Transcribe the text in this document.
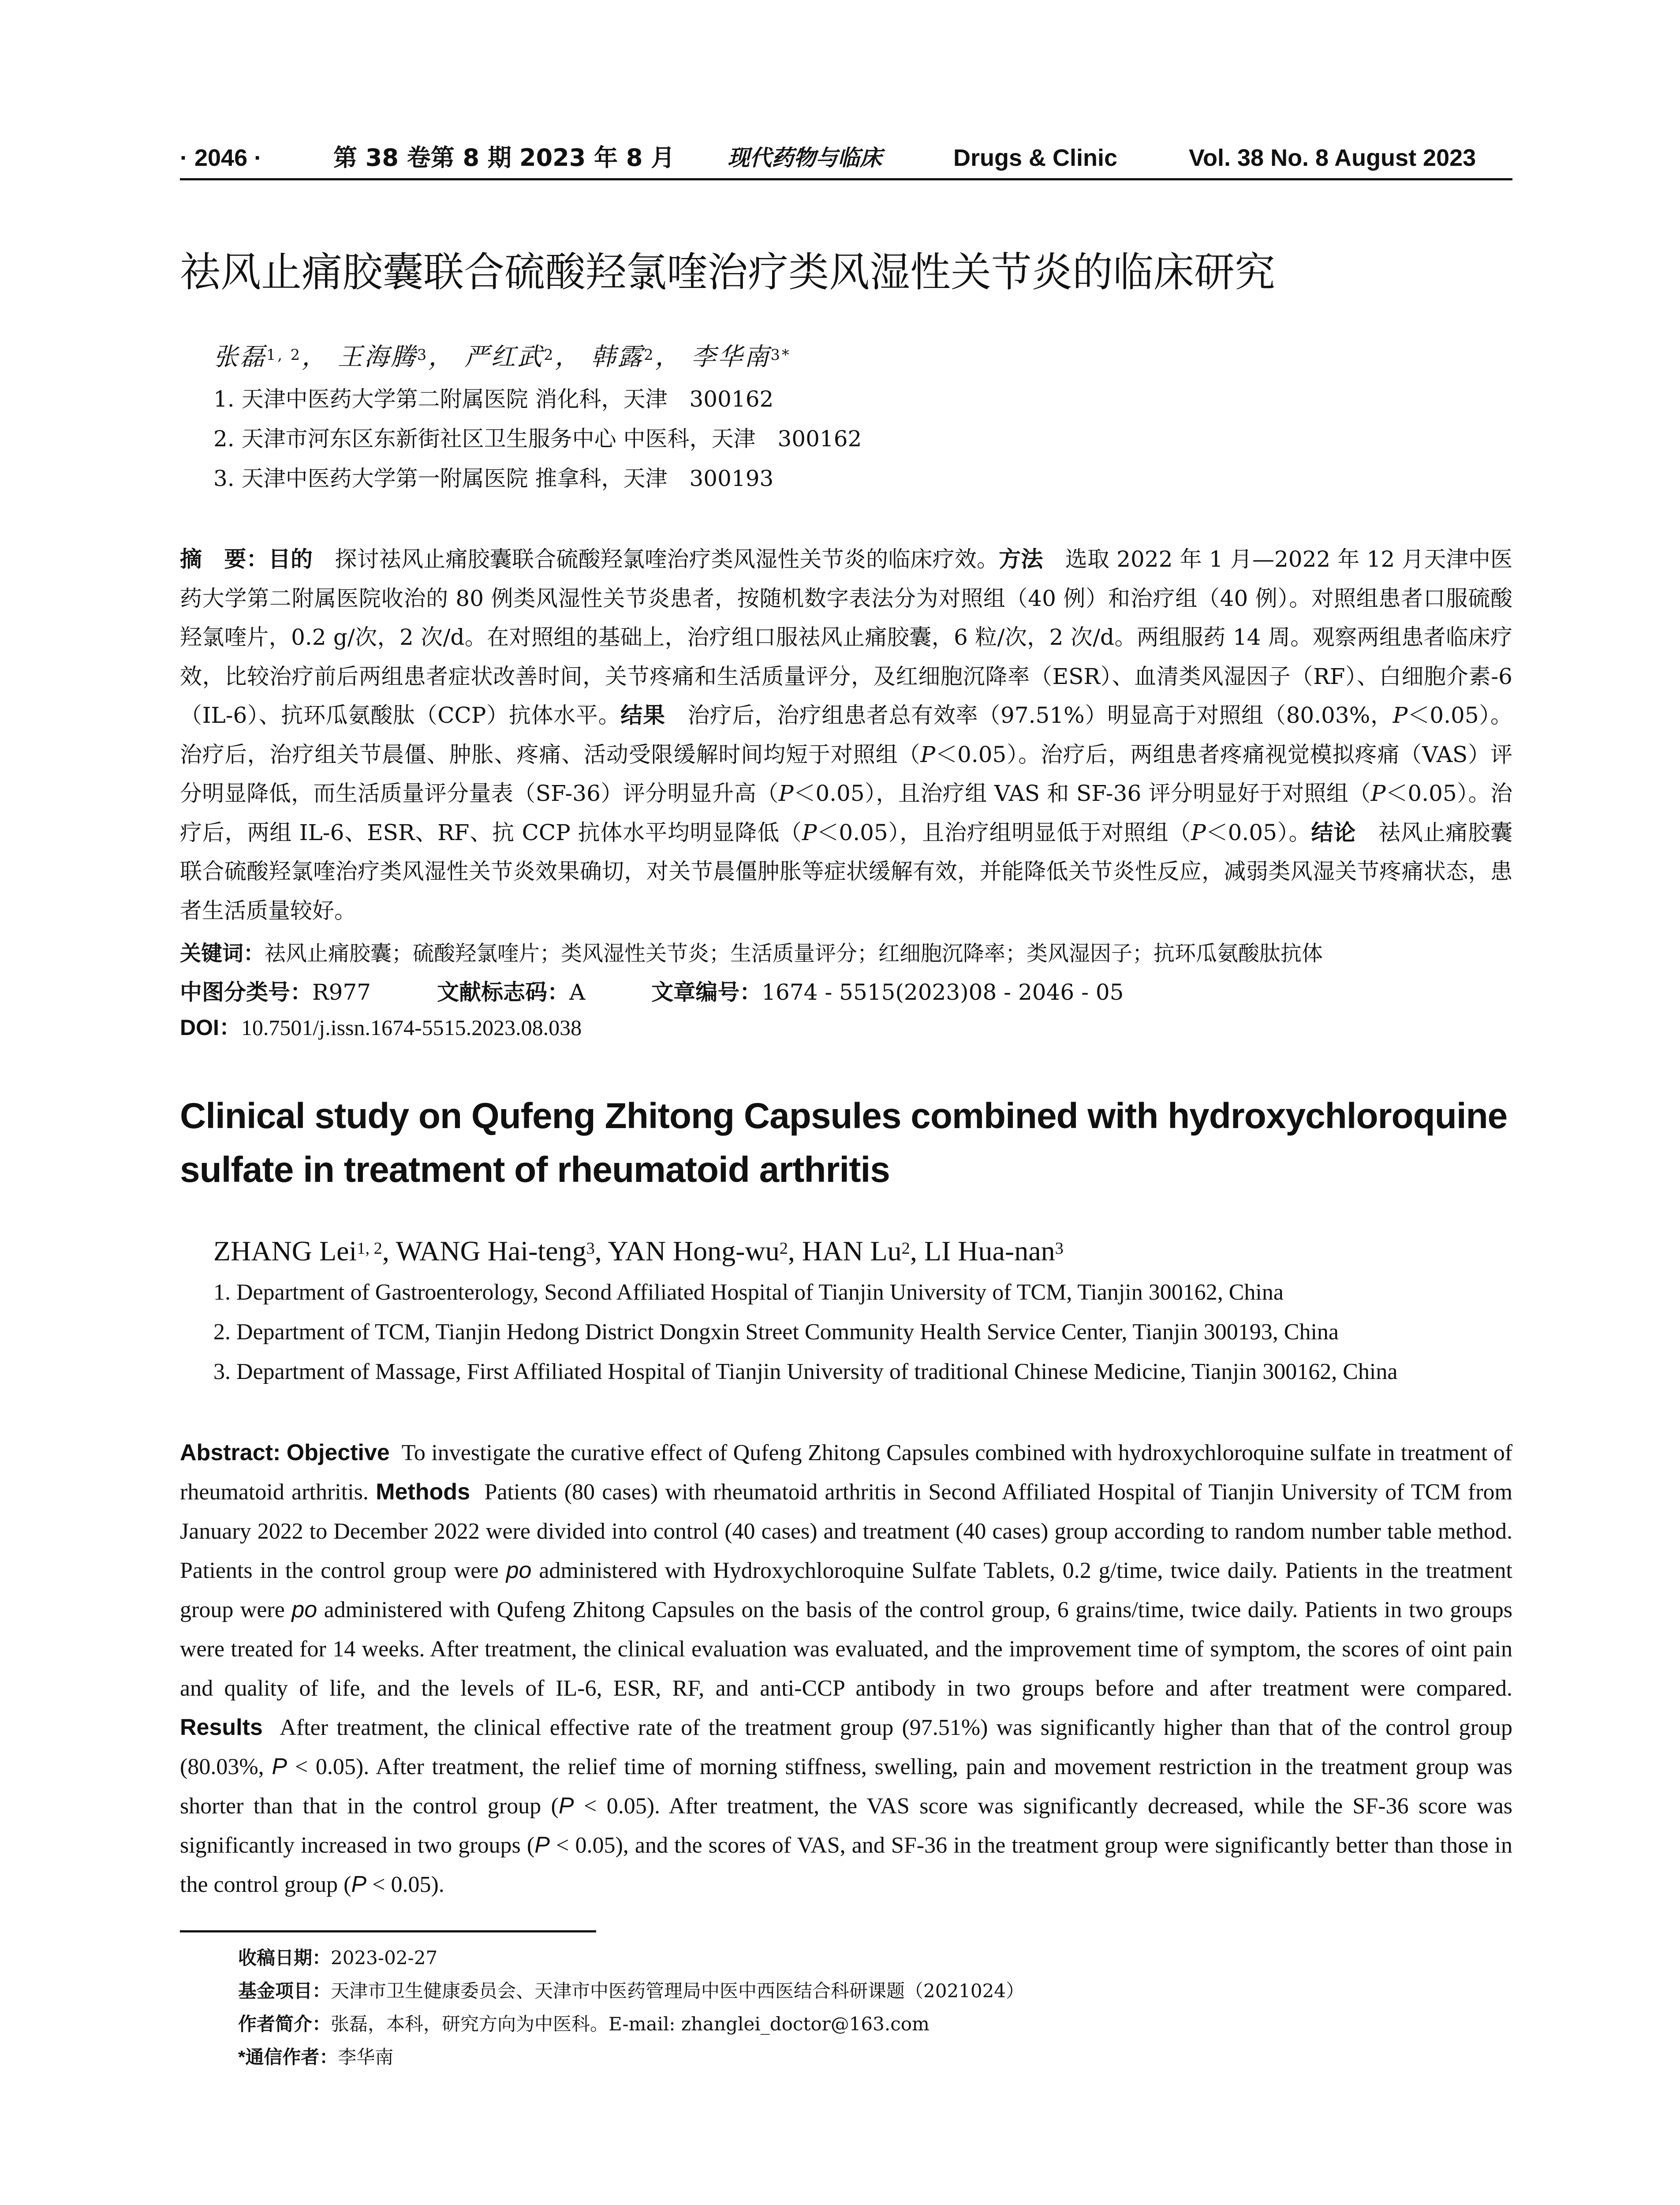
· 2046 ·	第 38 卷第 8 期 2023 年 8 月 现代药物与临床	Drugs & Clinic	Vol. 38 No. 8 August 2023
祛风止痛胶囊联合硫酸羟氯喹治疗类风湿性关节炎的临床研究
张磊$^{1, 2}$， 王海腾$^3$， 严红武$^2$， 韩露$^2$， 李华南$^{3*}$
1. 天津中医药大学第二附属医院 消化科，天津　300162
2. 天津市河东区东新街社区卫生服务中心 中医科，天津　300162
3. 天津中医药大学第一附属医院 推拿科，天津　300193

摘　要：目的　 探讨祛风止痛胶囊联合硫酸羟氯喹治疗类风湿性关节炎的临床疗效。方法　 选取 2022 年 1 月—2022 年 12 月天津中医药大学第二附属医院收治的 80 例类风湿性关节炎患者，按随机数字表法分为对照组（40 例）和治疗组（40 例）。对照组患者口服硫酸羟氯喹片，0.2 g/次，2 次/d。在对照组的基础上，治疗组口服祛风止痛胶囊，6 粒/次，2 次/d。两组服药 14 周。观察两组患者临床疗效，比较治疗前后两组患者症状改善时间，关节疼痛和生活质量评分，及红细胞沉降率（ESR）、血清类风湿因子（RF）、白细胞介素-6（IL-6）、抗环瓜氨酸肽（CCP）抗体水平。结果　 治疗后，治疗组患者总有效率（97.51%）明显高于对照组（80.03%，P＜0.05）。治疗后，治疗组关节晨僵、肿胀、疼痛、活动受限缓解时间均短于对照组（P＜0.05）。治疗后，两组患者疼痛视觉模拟疼痛（VAS）评分明显降低，而生活质量评分量表（SF-36）评分明显升高（P＜0.05），且治疗组 VAS 和 SF-36 评分明显好于对照组（P＜0.05）。治疗后，两组 IL-6、ESR、RF、抗 CCP 抗体水平均明显降低（P＜0.05），且治疗组明显低于对照组（P＜0.05）。结论　 祛风止痛胶囊联合硫酸羟氯喹治疗类风湿性关节炎效果确切，对关节晨僵肿胀等症状缓解有效，并能降低关节炎性反应，减弱类风湿关节疼痛状态，患者生活质量较好。

关键词：祛风止痛胶囊；硫酸羟氯喹片；类风湿性关节炎；生活质量评分；红细胞沉降率；类风湿因子；抗环瓜氨酸肽抗体
中图分类号：R977	文献标志码：A	文章编号：1674 - 5515(2023)08 - 2046 - 05
DOI：10.7501/j.issn.1674-5515.2023.08.038
Clinical study on Qufeng Zhitong Capsules combined with hydroxychloroquine sulfate in treatment of rheumatoid arthritis
ZHANG Lei$^{1, 2}$, WANG Hai-teng$^3$, YAN Hong-$wu^2$, HAN Lu$^2$, LI Hua-nan$^3$
1. Department of Gastroenterology, Second Affiliated Hospital of Tianjin University of TCM, Tianjin 300162, China
2. Department of TCM, Tianjin Hedong District Dongxin Street Community Health Service Center, Tianjin 300193, China
3. Department of Massage, First Affiliated Hospital of Tianjin University of traditional Chinese Medicine, Tianjin 300162, China

Abstract: Objective To investigate the curative effect of Qufeng Zhitong Capsules combined with hydroxychloroquine sulfate in treatment of rheumatoid arthritis. Methods Patients (80 cases) with rheumatoid arthritis in Second Affiliated Hospital of Tianjin University of TCM from January 2022 to December 2022 were divided into control (40 cases) and treatment (40 cases) group according to random number table method. Patients in the control group were po administered with Hydroxychloroquine Sulfate Tablets, 0.2 g/time, twice daily. Patients in the treatment group were po administered with Qufeng Zhitong Capsules on the basis of the control group, 6 grains/time, twice daily. Patients in two groups were treated for 14 weeks. After treatment, the clinical evaluation was evaluated, and the improvement time of symptom, the scores of oint pain and quality of life, and the levels of IL-6, ESR, RF, and anti-CCP antibody in two groups before and after treatment were compared. Results After treatment, the clinical effective rate of the treatment group (97.51%) was significantly higher than that of the control group (80.03%, P < 0.05). After treatment, the relief time of morning stiffness, swelling, pain and movement restriction in the treatment group was shorter than that in the control group (P < 0.05). After treatment, the VAS score was significantly decreased, while the SF-36 score was significantly increased in two groups (P < 0.05), and the scores of VAS, and SF-36 in the treatment group were significantly better than those in the control group (P < 0.05).

收稿日期：2023-02-27
基金项目：天津市卫生健康委员会、天津市中医药管理局中医中西医结合科研课题（2021024）
作者简介：张磊，本科，研究方向为中医科。E-mail: zhanglei_doctor@163.com
*通信作者：李华南
